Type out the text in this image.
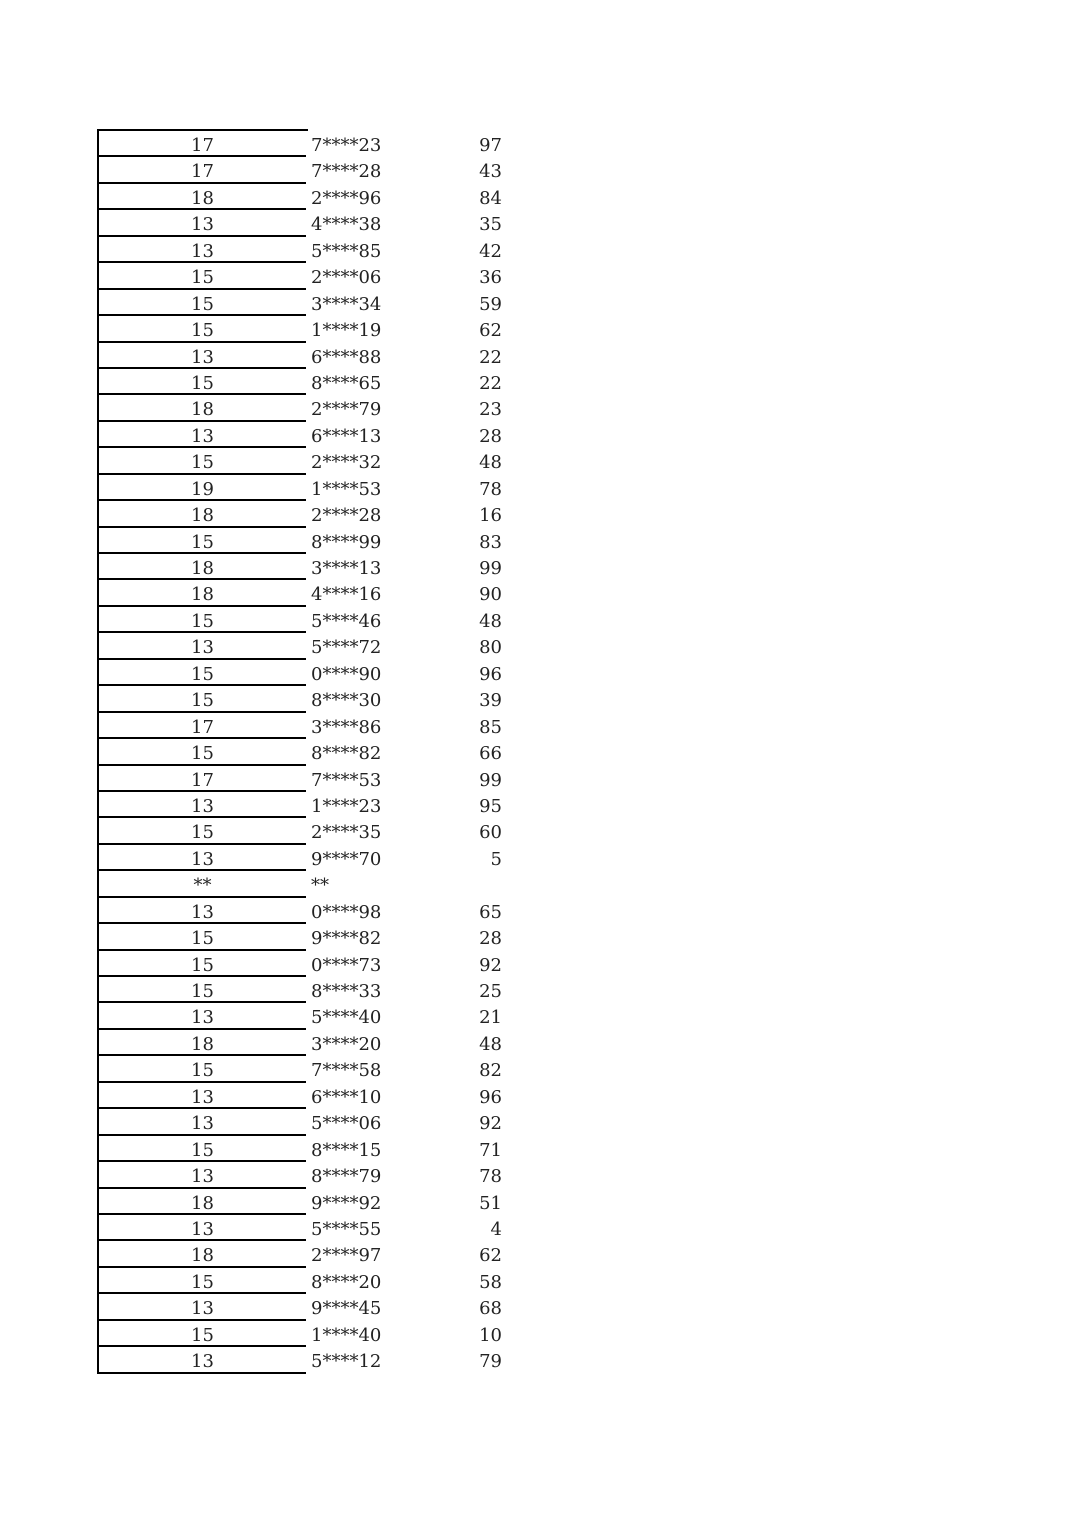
17	7****23	97
17	7****28	43
18	2****96	84
13	4****38	35
13	5****85	42
15	2****06	36
15	3****34	59
15	1****19	62
13	6****88	22
15	8****65	22
18	2****79	23
13	6****13	28
15	2****32	48
19	1****53	78
18	2****28	16
15	8****99	83
18	3****13	99
18	4****16	90
15	5****46	48
13	5****72	80
15	0****90	96
15	8****30	39
17	3****86	85
15	8****82	66
17	7****53	99
13	1****23	95
15	2****35	60
13	9****70	5
**	**
13	0****98	65
15	9****82	28
15	0****73	92
15	8****33	25
13	5****40	21
18	3****20	48
15	7****58	82
13	6****10	96
13	5****06	92
15	8****15	71
13	8****79	78
18	9****92	51
13	5****55	4
18	2****97	62
15	8****20	58
13	9****45	68
15	1****40	10
13	5****12	79
